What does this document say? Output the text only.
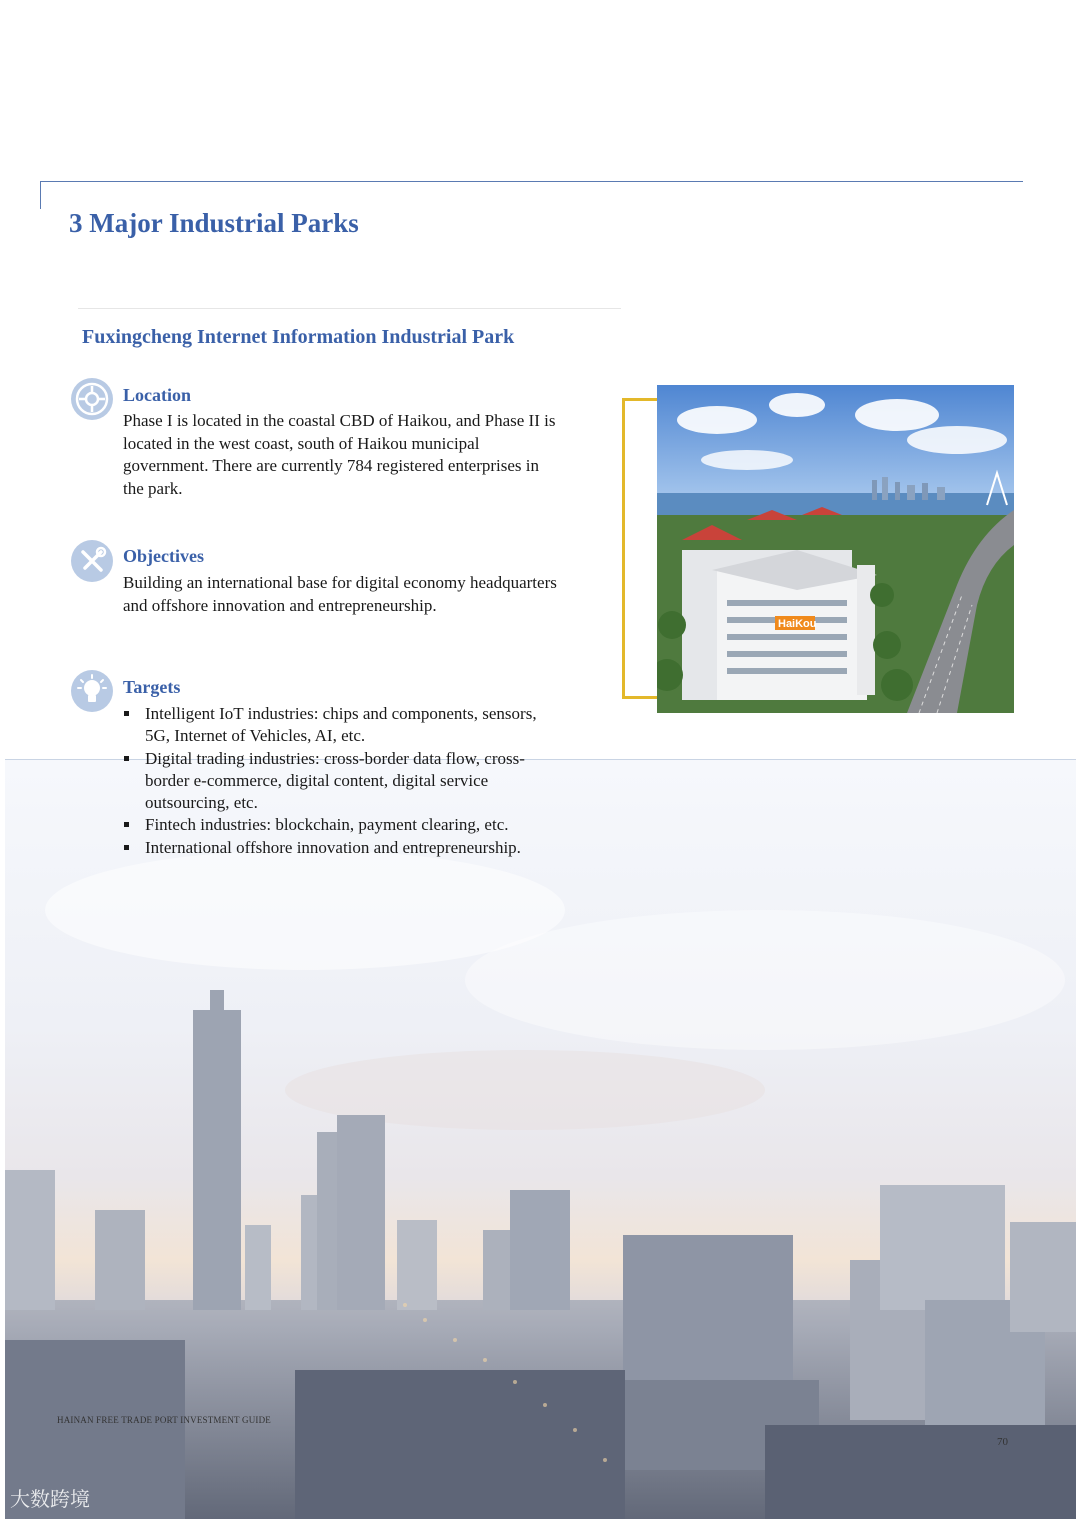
3 Major Industrial Parks
Fuxingcheng Internet Information Industrial Park
Location

Phase I is located in the coastal CBD of Haikou, and Phase II is located in the west coast, south of Haikou municipal government. There are currently 784 registered enterprises in the park.

Objectives

Building an international base for digital economy headquarters and offshore innovation and entrepreneurship.

Targets
Intelligent IoT industries: chips and components, sensors, 5G, Internet of Vehicles, AI, etc.
Digital trading industries: cross-border data flow, cross-border e-commerce, digital content, digital service outsourcing, etc.
Fintech industries: blockchain, payment clearing, etc.
International offshore innovation and entrepreneurship.
HaiKou
HAINAN FREE TRADE PORT INVESTMENT GUIDE
70
大数跨境
